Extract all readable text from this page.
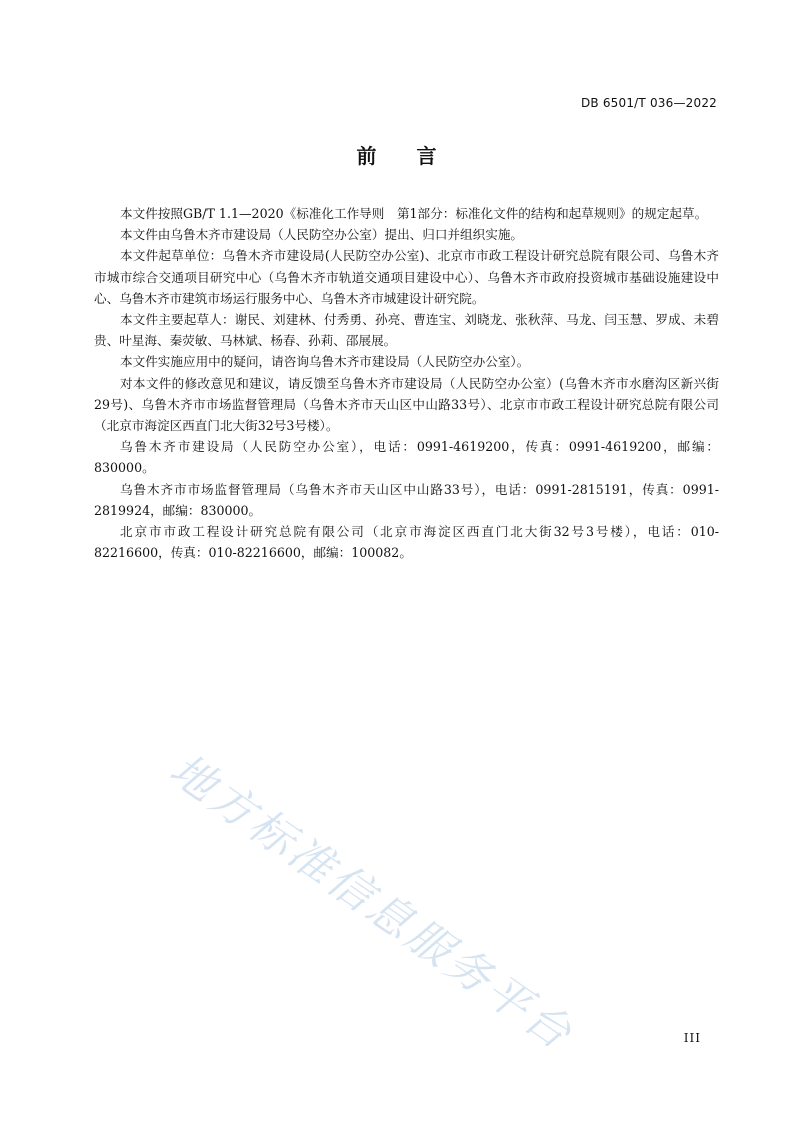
DB 6501/T 036—2022
前言

本文件按照GB/T 1.1—2020《标准化工作导则　第1部分：标准化文件的结构和起草规则》的规定起草。

本文件由乌鲁木齐市建设局（人民防空办公室）提出、归口并组织实施。

本文件起草单位：乌鲁木齐市建设局(人民防空办公室)、北京市市政工程设计研究总院有限公司、乌鲁木齐市城市综合交通项目研究中心（乌鲁木齐市轨道交通项目建设中心）、乌鲁木齐市政府投资城市基础设施建设中心、乌鲁木齐市建筑市场运行服务中心、乌鲁木齐市城建设计研究院。

本文件主要起草人：谢民、刘建林、付秀勇、孙亮、曹连宝、刘晓龙、张秋萍、马龙、闫玉慧、罗成、未碧贵、叶星海、秦荧敏、马林斌、杨春、孙莉、邵展展。

本文件实施应用中的疑问，请咨询乌鲁木齐市建设局（人民防空办公室）。

对本文件的修改意见和建议，请反馈至乌鲁木齐市建设局（人民防空办公室）(乌鲁木齐市水磨沟区新兴街29号)、乌鲁木齐市市场监督管理局（乌鲁木齐市天山区中山路33号）、北京市市政工程设计研究总院有限公司（北京市海淀区西直门北大街32号3号楼）。

乌鲁木齐市建设局（人民防空办公室），电话：0991-4619200，传真：0991-4619200，邮编：830000。

乌鲁木齐市市场监督管理局（乌鲁木齐市天山区中山路33号），电话：0991-2815191，传真：0991-2819924，邮编：830000。

北京市市政工程设计研究总院有限公司（北京市海淀区西直门北大街32号3号楼），电话：010-82216600，传真：010-82216600，邮编：100082。

地方标准信息服务平台	III
